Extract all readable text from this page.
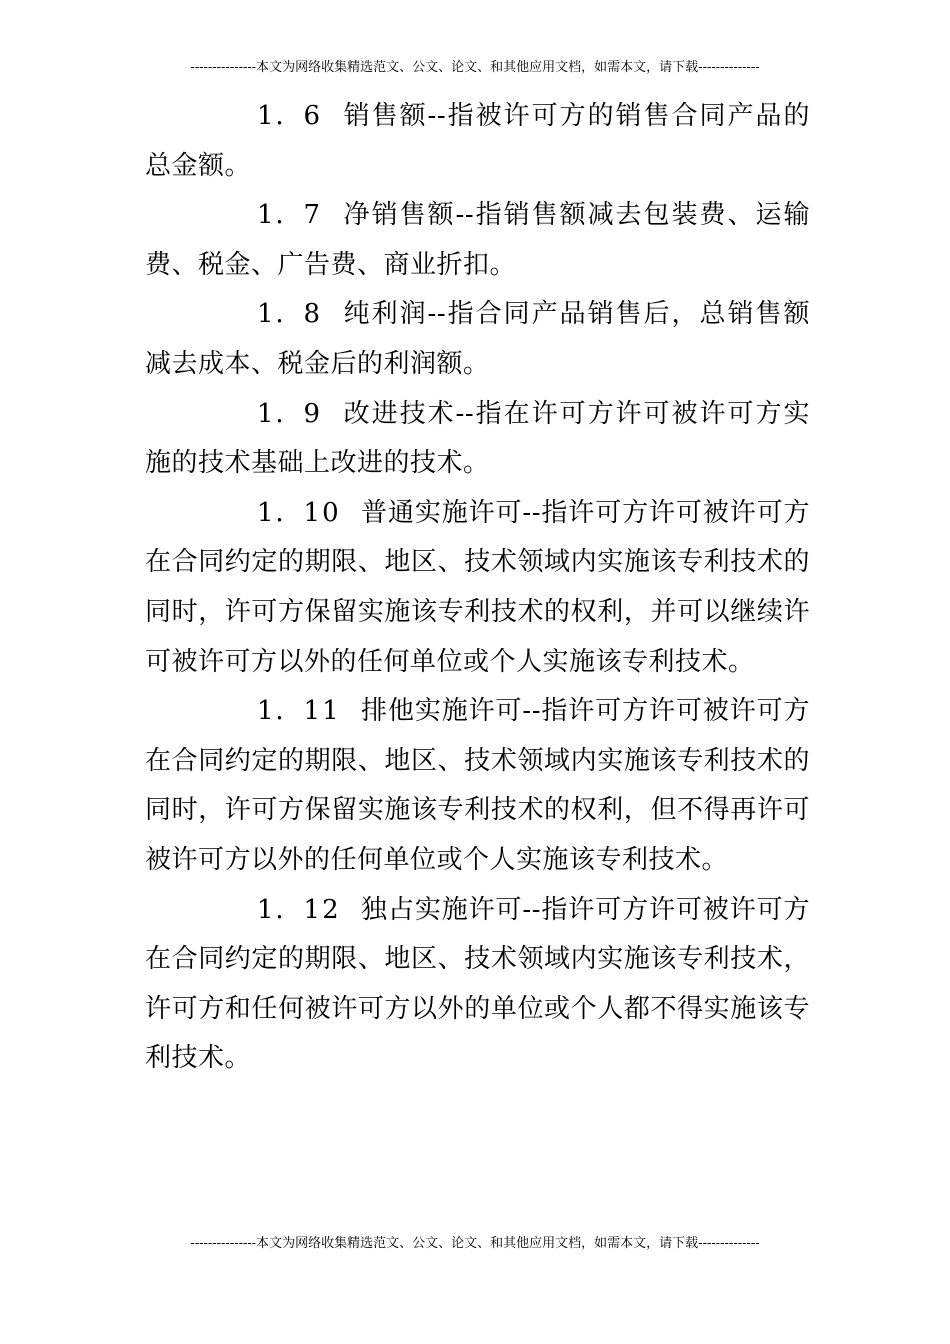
---------------本文为网络收集精选范文、公文、论文、和其他应用文档，如需本文，请下载--------------

1．6 销售额--指被许可方的销售合同产品的总金额。

1．7 净销售额--指销售额减去包装费、运输费、税金、广告费、商业折扣。

1．8 纯利润--指合同产品销售后，总销售额减去成本、税金后的利润额。

1．9 改进技术--指在许可方许可被许可方实施的技术基础上改进的技术。

1．10 普通实施许可--指许可方许可被许可方在合同约定的期限、地区、技术领域内实施该专利技术的同时，许可方保留实施该专利技术的权利，并可以继续许可被许可方以外的任何单位或个人实施该专利技术。

1．11 排他实施许可--指许可方许可被许可方在合同约定的期限、地区、技术领域内实施该专利技术的同时，许可方保留实施该专利技术的权利，但不得再许可被许可方以外的任何单位或个人实施该专利技术。

1．12 独占实施许可--指许可方许可被许可方在合同约定的期限、地区、技术领域内实施该专利技术，许可方和任何被许可方以外的单位或个人都不得实施该专利技术。

---------------本文为网络收集精选范文、公文、论文、和其他应用文档，如需本文，请下载--------------
